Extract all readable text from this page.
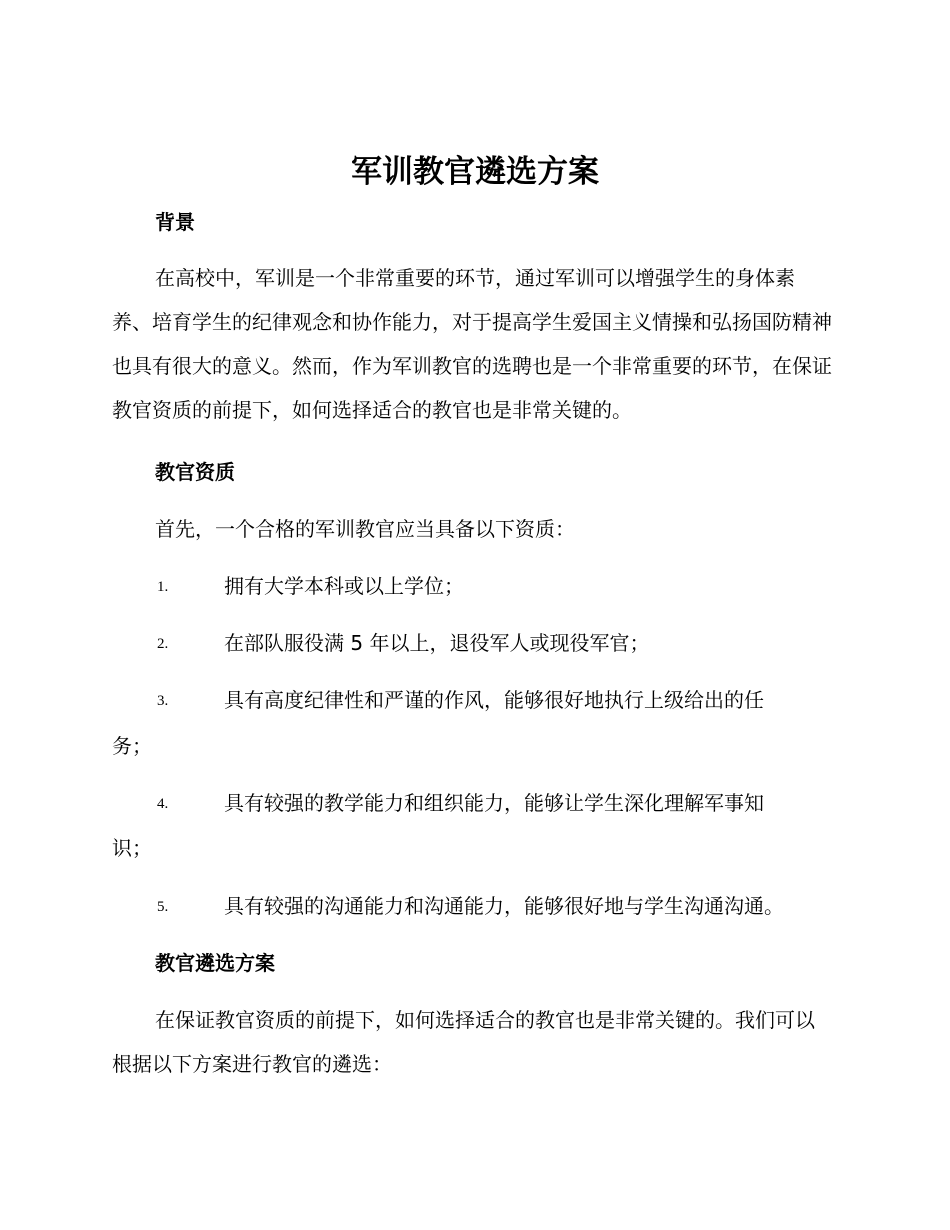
军训教官遴选方案
背景

在高校中，军训是一个非常重要的环节，通过军训可以增强学生的身体素养、培育学生的纪律观念和协作能力，对于提高学生爱国主义情操和弘扬国防精神也具有很大的意义。然而，作为军训教官的选聘也是一个非常重要的环节，在保证教官资质的前提下，如何选择适合的教官也是非常关键的。

教官资质

首先，一个合格的军训教官应当具备以下资质：

1.	拥有大学本科或以上学位；
2.	在部队服役满 5 年以上，退役军人或现役军官；
3.	具有高度纪律性和严谨的作风，能够很好地执行上级给出的任
务；
4.	具有较强的教学能力和组织能力，能够让学生深化理解军事知
识；
5.	具有较强的沟通能力和沟通能力，能够很好地与学生沟通沟通。
教官遴选方案

在保证教官资质的前提下，如何选择适合的教官也是非常关键的。我们可以根据以下方案进行教官的遴选：
